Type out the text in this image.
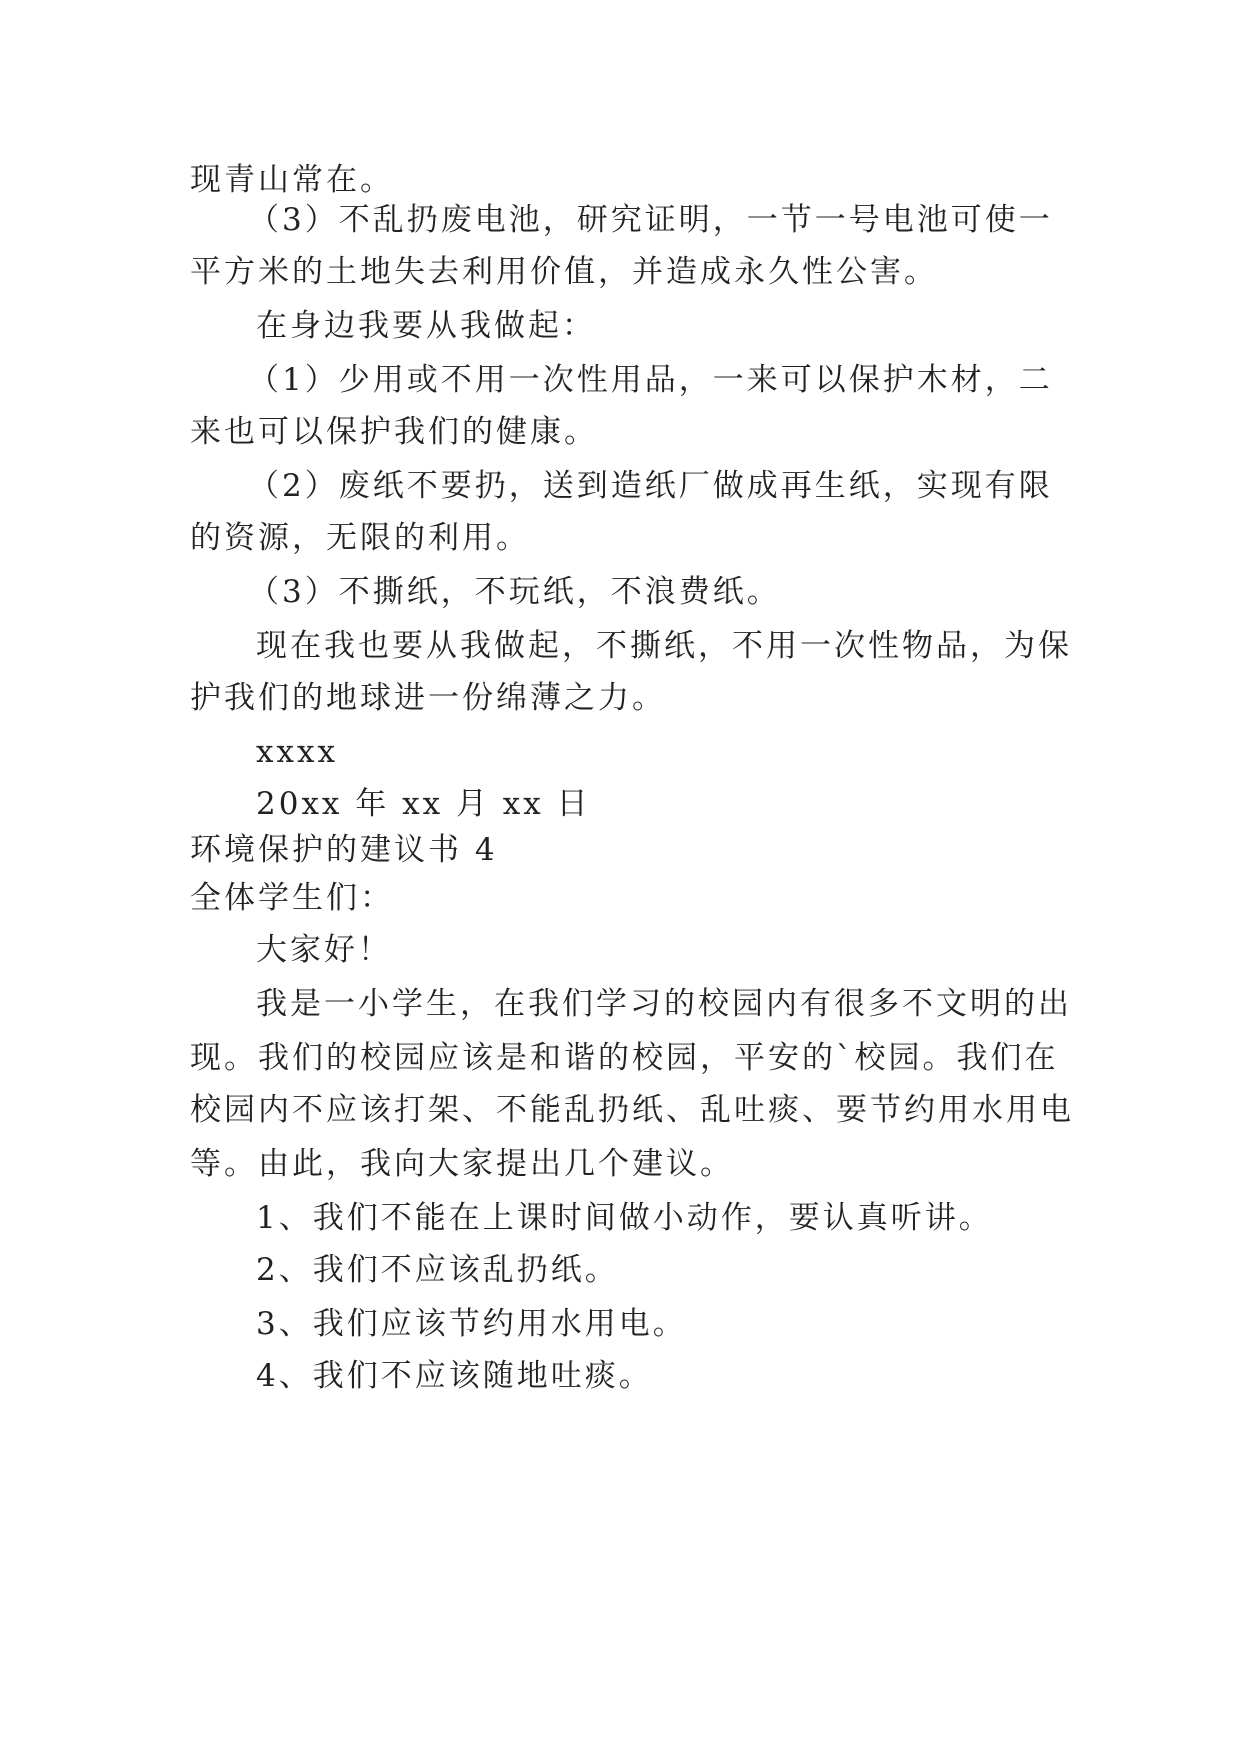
现青山常在。
（3）不乱扔废电池，研究证明，一节一号电池可使一
平方米的土地失去利用价值，并造成永久性公害。
在身边我要从我做起：
（1）少用或不用一次性用品，一来可以保护木材，二
来也可以保护我们的健康。
（2）废纸不要扔，送到造纸厂做成再生纸，实现有限
的资源，无限的利用。
（3）不撕纸，不玩纸，不浪费纸。
现在我也要从我做起，不撕纸，不用一次性物品，为保
护我们的地球进一份绵薄之力。
xxxx
20xx 年 xx 月 xx 日
环境保护的建议书 4
全体学生们：
大家好！
我是一小学生，在我们学习的校园内有很多不文明的出
现。我们的校园应该是和谐的校园，平安的`校园。我们在
校园内不应该打架、不能乱扔纸、乱吐痰、要节约用水用电
等。由此，我向大家提出几个建议。
1、我们不能在上课时间做小动作，要认真听讲。
2、我们不应该乱扔纸。
3、我们应该节约用水用电。
4、我们不应该随地吐痰。
